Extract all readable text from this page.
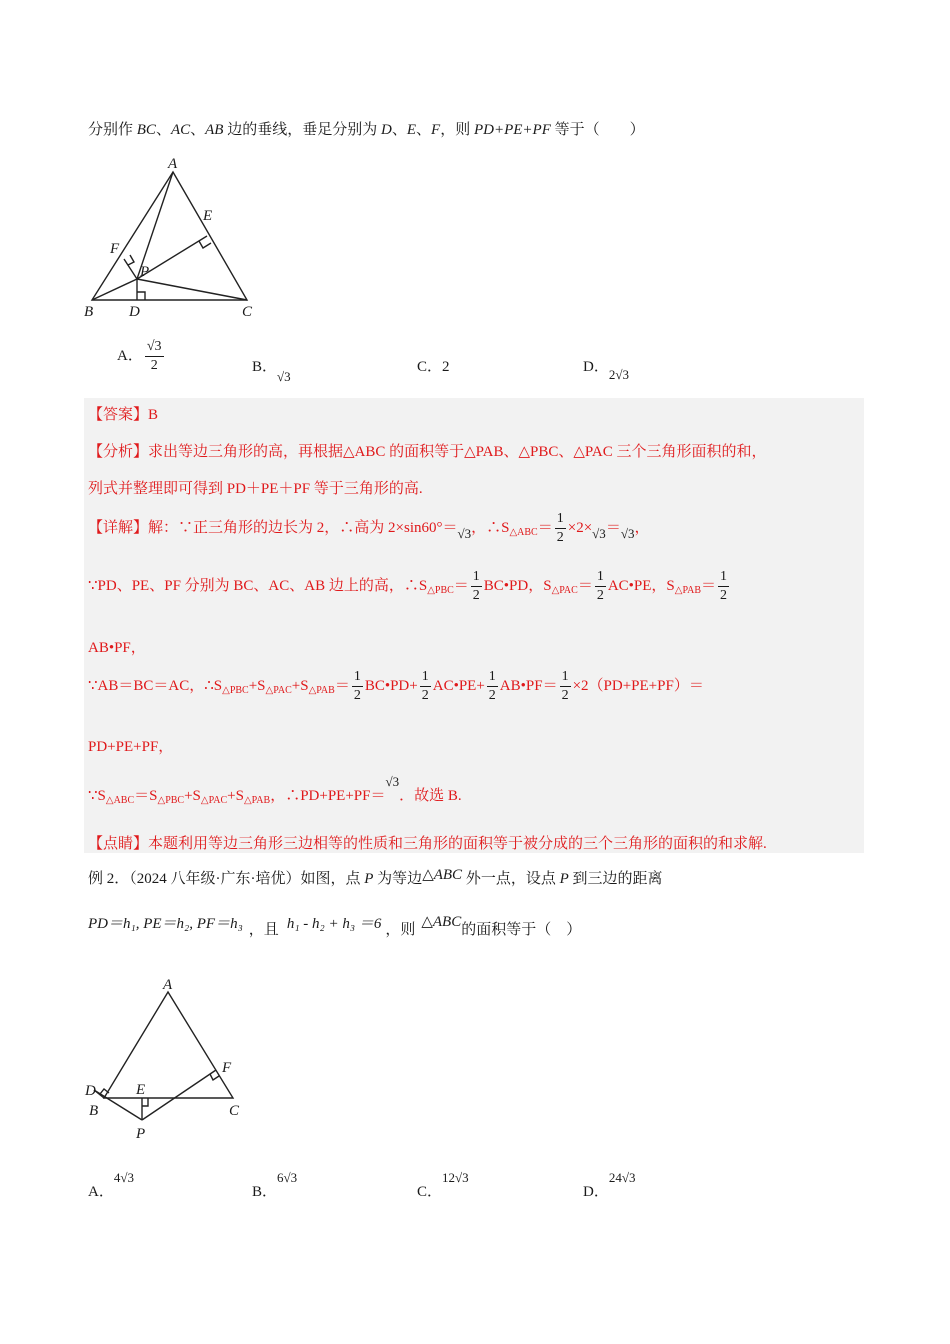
分别作 BC、AC、AB 边的垂线，垂足分别为 D、E、F，则 PD+PE+PF 等于（　　）
A
B	C
D
E
F
P
A． $\frac{√3}{2}$	B．√3
C．2	D．2√3
【答案】B
【分析】求出等边三角形的高，再根据△ABC 的面积等于△PAB、△PBC、△PAC 三个三角形面积的和，
列式并整理即可得到 PD＋PE＋PF 等于三角形的高.
【详解】解：∵正三角形的边长为 2，∴高为 2×sin60°＝√3，$\therefore S_{\triangle ABC}= \frac{1}{2} \times 2\times√3=√3$，
∵PD、PE、PF 分别为 BC、AC、AB 边上的高，$\therefore S_{\triangle PBC}= \frac{1}{2}$ BC•PD，$S_{\triangle PAC}= \frac{1}{2}$ AC•PE，$S_{\triangle PAB}= \frac{1}{2}$
AB•PF，
∵AB＝BC＝AC，$\therefore S_{\triangle PBC}+S_{\triangle PAC}+S_{\triangle PAB}= \frac{1}{2}$ BC•PD+ $\frac{1}{2}$ AC•PE+ $\frac{1}{2}$ AB•PF＝ $\frac{1}{2} \times 2(PD+PE+PF)=$
PD+PE+PF，
$\because S_{\triangle ABC}=S_{\triangle PBC}+S_{\triangle PAC}+S_{\triangle PAB}$，∴PD+PE+PF＝√3．故选 B.
【点睛】本题利用等边三角形三边相等的性质和三角形的面积等于被分成的三个三角形的面积的和求解.
例 2．（2024 八年级·广东·培优）如图，点 P 为等边△ABC 外一点，设点 P 到三边的距离
PD＝h₁, PE＝h₂, PF＝h₃ ，且 h₁ - h₂ + h₃ ＝6 ，则 △ABC的面积等于（　）
A
B	C
D	E
F
P
A．4√3
B．6√3
C．12√3
D．24√3
